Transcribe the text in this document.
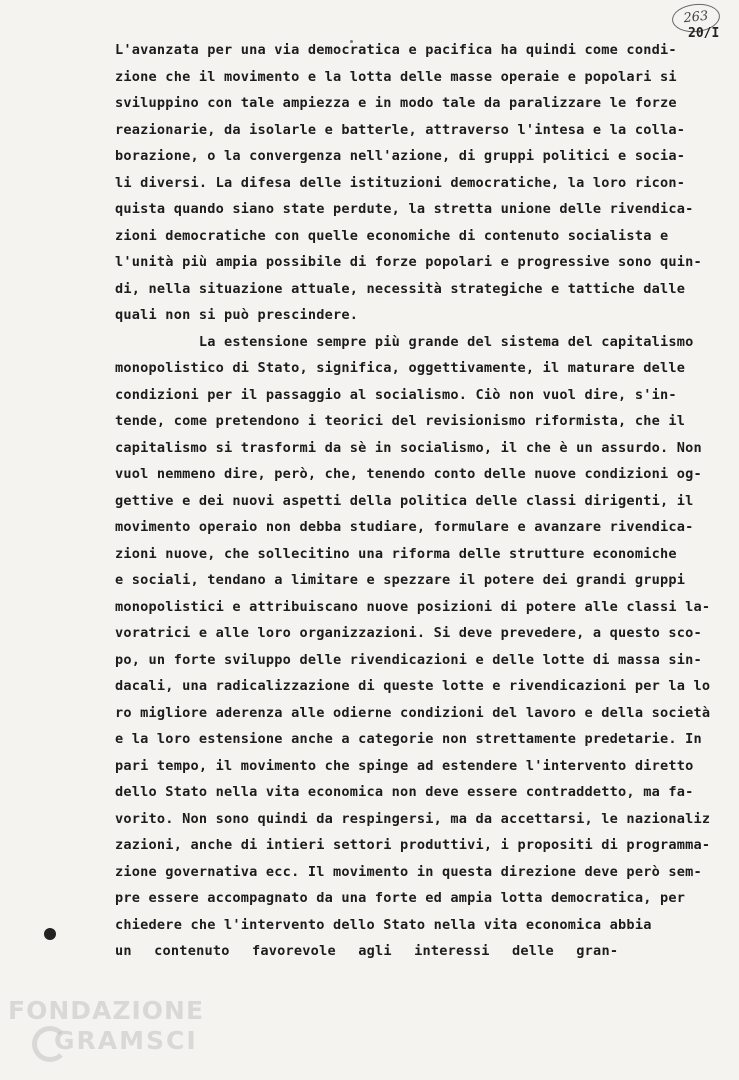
263
20/I
L'avanzata per una via democratica e pacifica ha quindi come condi-
zione che il movimento e la lotta delle masse operaie e popolari si
sviluppino con tale ampiezza e in modo tale da paralizzare le forze
reazionarie, da isolarle e batterle, attraverso l'intesa e la colla-
borazione, o la convergenza nell'azione, di gruppi politici e socia-
li diversi. La difesa delle istituzioni democratiche, la loro ricon-
quista quando siano state perdute, la stretta unione delle rivendica-
zioni democratiche con quelle economiche di contenuto socialista e
l'unità più ampia possibile di forze popolari e progressive sono quin-
di, nella situazione attuale, necessità strategiche e tattiche dalle
quali non si può prescindere.
La estensione sempre più grande del sistema del capitalismo
monopolistico di Stato, significa, oggettivamente, il maturare delle
condizioni per il passaggio al socialismo. Ciò non vuol dire, s'in-
tende, come pretendono i teorici del revisionismo riformista, che il
capitalismo si trasformi da sè in socialismo, il che è un assurdo. Non
vuol nemmeno dire, però, che, tenendo conto delle nuove condizioni og-
gettive e dei nuovi aspetti della politica delle classi dirigenti, il
movimento operaio non debba studiare, formulare e avanzare rivendica-
zioni nuove, che sollecitino una riforma delle strutture economiche
e sociali, tendano a limitare e spezzare il potere dei grandi gruppi
monopolistici e attribuiscano nuove posizioni di potere alle classi la-
voratrici e alle loro organizzazioni. Si deve prevedere, a questo sco-
po, un forte sviluppo delle rivendicazioni e delle lotte di massa sin-
dacali, una radicalizzazione di queste lotte e rivendicazioni per la lo
ro migliore aderenza alle odierne condizioni del lavoro e della società
e la loro estensione anche a categorie non strettamente predetarie. In
pari tempo, il movimento che spinge ad estendere l'intervento diretto
dello Stato nella vita economica non deve essere contraddetto, ma fa-
vorito. Non sono quindi da respingersi, ma da accettarsi, le nazionaliz
zazioni, anche di intieri settori produttivi, i propositi di programma-
zione governativa ecc. Il movimento in questa direzione deve però sem-
pre essere accompagnato da una forte ed ampia lotta democratica, per
chiedere che l'intervento dello Stato nella vita economica abbia
un contenuto favorevole agli interessi delle gran-
FONDAZIONE
GRAMSCI
